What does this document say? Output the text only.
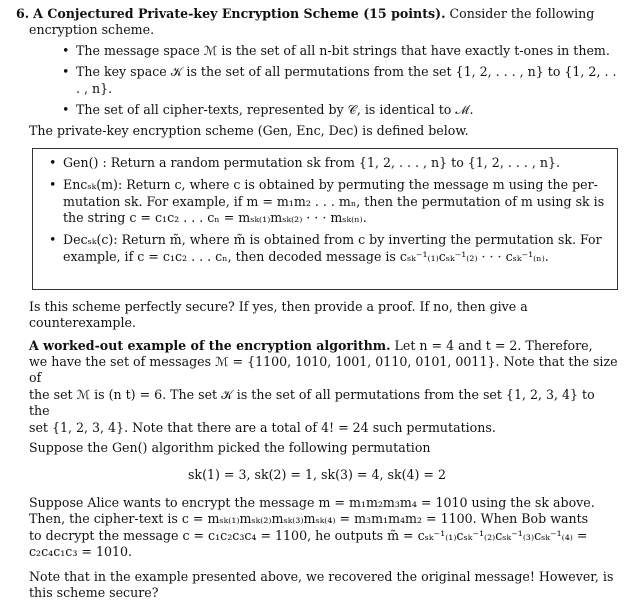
6. A Conjectured Private-key Encryption Scheme (15 points). Consider the following

encryption scheme.

• The message space ℳ is the set of all n-bit strings that have exactly t-ones in them.
• The key space 𝒦 is the set of all permutations from the set {1, 2, . . . , n} to {1, 2, . . . , n}.
• The set of all cipher-texts, represented by 𝒞, is identical to ℳ.

The private-key encryption scheme (Gen, Enc, Dec) is defined below.

• Gen() : Return a random permutation sk from {1, 2, . . . , n} to {1, 2, . . . , n}.
• Encₛₖ(m): Return c, where c is obtained by permuting the message m using the per-
mutation sk. For example, if m = m₁m₂ . . . mₙ, then the permutation of m using sk is
the string c = c₁c₂ . . . cₙ = mₛₖ₍₁₎mₛₖ₍₂₎ · · · mₛₖ₍ₙ₎.
• Decₛₖ(c): Return m̃, where m̃ is obtained from c by inverting the permutation sk. For
example, if c = c₁c₂ . . . cₙ, then decoded message is cₛₖ⁻¹₍₁₎cₛₖ⁻¹₍₂₎ · · · cₛₖ⁻¹₍ₙ₎.

Is this scheme perfectly secure? If yes, then provide a proof. If no, then give a counterexample.

A worked-out example of the encryption algorithm. Let n = 4 and t = 2. Therefore,

we have the set of messages ℳ = {1100, 1010, 1001, 0110, 0101, 0011}. Note that the size of

the set ℳ is (n t) = 6. The set 𝒦 is the set of all permutations from the set {1, 2, 3, 4} to the

set {1, 2, 3, 4}. Note that there are a total of 4! = 24 such permutations.

Suppose the Gen() algorithm picked the following permutation

sk(1) = 3, sk(2) = 1, sk(3) = 4, sk(4) = 2

Suppose Alice wants to encrypt the message m = m₁m₂m₃m₄ = 1010 using the sk above.

Then, the cipher-text is c = mₛₖ₍₁₎mₛₖ₍₂₎mₛₖ₍₃₎mₛₖ₍₄₎ = m₃m₁m₄m₂ = 1100. When Bob wants

to decrypt the message c = c₁c₂c₃c₄ = 1100, he outputs m̃ = cₛₖ⁻¹₍₁₎cₛₖ⁻¹₍₂₎cₛₖ⁻¹₍₃₎cₛₖ⁻¹₍₄₎ =

c₂c₄c₁c₃ = 1010.

Note that in the example presented above, we recovered the original message! However, is

this scheme secure?
